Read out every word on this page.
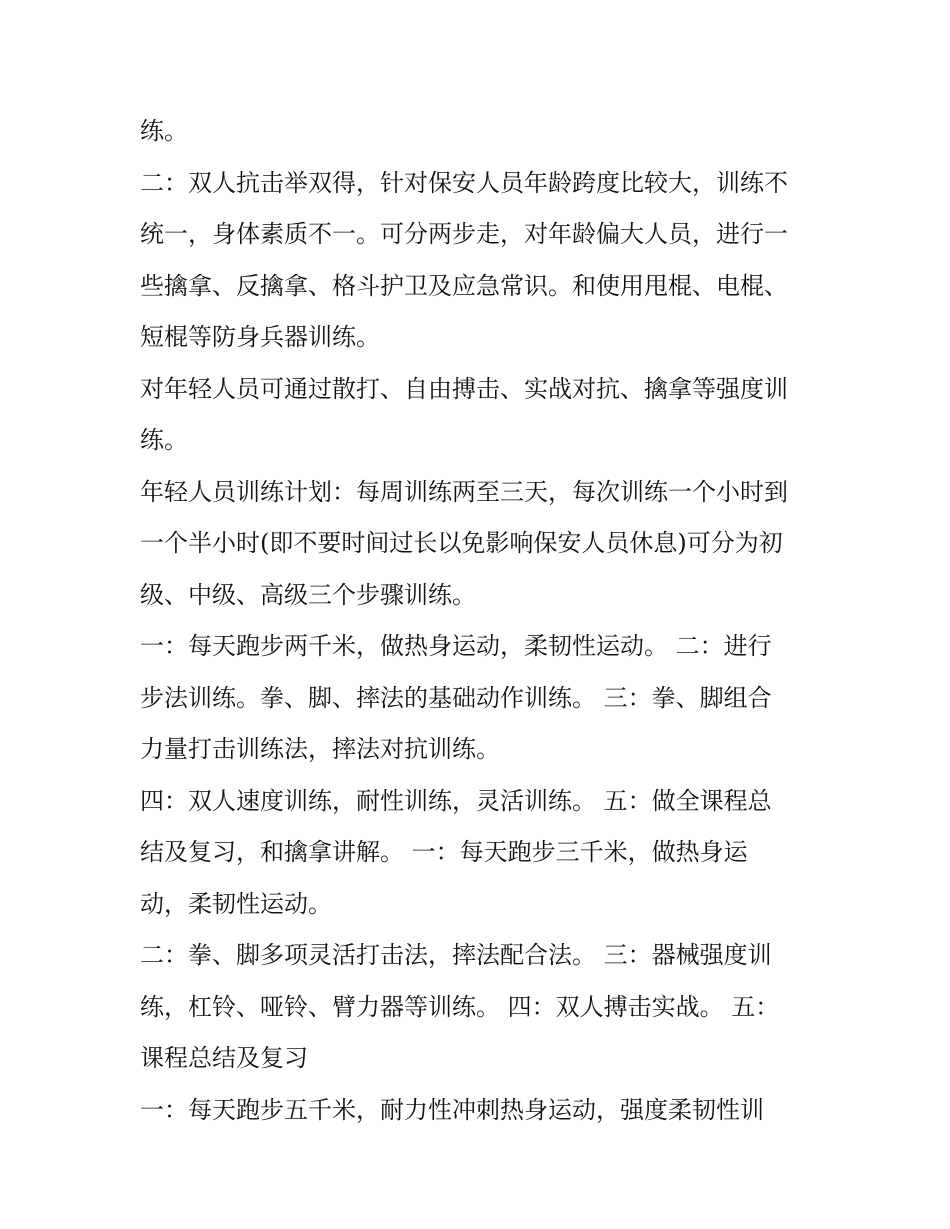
练。
二：双人抗击举双得，针对保安人员年龄跨度比较大，训练不
统一，身体素质不一。可分两步走，对年龄偏大人员，进行一
些擒拿、反擒拿、格斗护卫及应急常识。和使用甩棍、电棍、
短棍等防身兵器训练。
对年轻人员可通过散打、自由搏击、实战对抗、擒拿等强度训
练。
年轻人员训练计划：每周训练两至三天，每次训练一个小时到
一个半小时(即不要时间过长以免影响保安人员休息)可分为初
级、中级、高级三个步骤训练。
一：每天跑步两千米，做热身运动，柔韧性运动。 二：进行
步法训练。拳、脚、摔法的基础动作训练。 三：拳、脚组合
力量打击训练法，摔法对抗训练。
四：双人速度训练，耐性训练，灵活训练。 五：做全课程总
结及复习，和擒拿讲解。 一：每天跑步三千米，做热身运
动，柔韧性运动。
二：拳、脚多项灵活打击法，摔法配合法。 三：器械强度训
练，杠铃、哑铃、臂力器等训练。 四：双人搏击实战。 五：
课程总结及复习
一：每天跑步五千米，耐力性冲刺热身运动，强度柔韧性训
